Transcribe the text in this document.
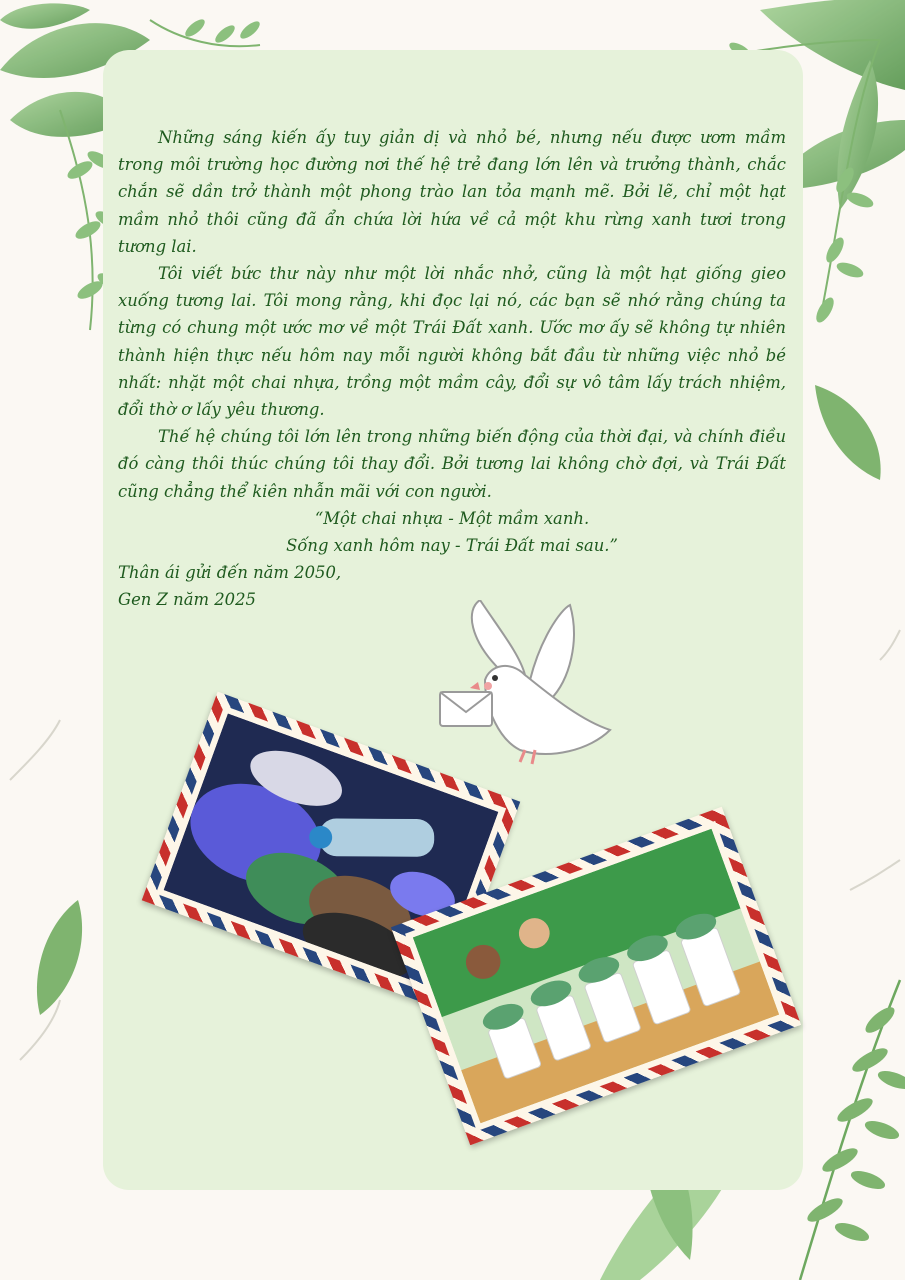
Những sáng kiến ấy tuy giản dị và nhỏ bé, nhưng nếu được ươm mầm trong môi trường học đường nơi thế hệ trẻ đang lớn lên và trưởng thành, chắc chắn sẽ dần trở thành một phong trào lan tỏa mạnh mẽ. Bởi lẽ, chỉ một hạt mầm nhỏ thôi cũng đã ẩn chứa lời hứa về cả một khu rừng xanh tươi trong tương lai.

Tôi viết bức thư này như một lời nhắc nhở, cũng là một hạt giống gieo xuống tương lai. Tôi mong rằng, khi đọc lại nó, các bạn sẽ nhớ rằng chúng ta từng có chung một ước mơ về một Trái Đất xanh. Ước mơ ấy sẽ không tự nhiên thành hiện thực nếu hôm nay mỗi người không bắt đầu từ những việc nhỏ bé nhất: nhặt một chai nhựa, trồng một mầm cây, đổi sự vô tâm lấy trách nhiệm, đổi thờ ơ lấy yêu thương.

Thế hệ chúng tôi lớn lên trong những biến động của thời đại, và chính điều đó càng thôi thúc chúng tôi thay đổi. Bởi tương lai không chờ đợi, và Trái Đất cũng chẳng thể kiên nhẫn mãi với con người.

“Một chai nhựa - Một mầm xanh.

Sống xanh hôm nay - Trái Đất mai sau.”

Thân ái gửi đến năm 2050,

Gen Z năm 2025
